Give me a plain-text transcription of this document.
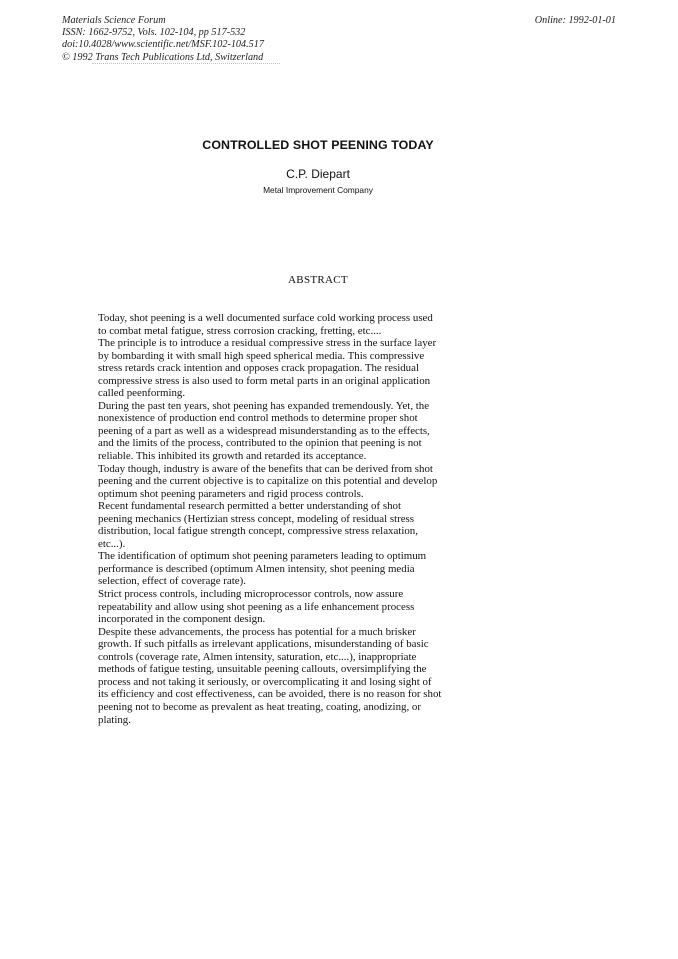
Materials Science Forum
ISSN: 1662-9752, Vols. 102-104, pp 517-532
doi:10.4028/www.scientific.net/MSF.102-104.517
© 1992 Trans Tech Publications Ltd, Switzerland
Online: 1992-01-01
CONTROLLED SHOT PEENING TODAY
C.P. Diepart
Metal Improvement Company
ABSTRACT
Today, shot peening is a well documented surface cold working process used
to combat metal fatigue, stress corrosion cracking, fretting, etc....
The principle is to introduce a residual compressive stress in the surface layer
by bombarding it with small high speed spherical media. This compressive
stress retards crack intention and opposes crack propagation. The residual
compressive stress is also used to form metal parts in an original application
called peenforming.
During the past ten years, shot peening has expanded tremendously. Yet, the
nonexistence of production end control methods to determine proper shot
peening of a part as well as a widespread misunderstanding as to the effects,
and the limits of the process, contributed to the opinion that peening is not
reliable. This inhibited its growth and retarded its acceptance.
Today though, industry is aware of the benefits that can be derived from shot
peening and the current objective is to capitalize on this potential and develop
optimum shot peening parameters and rigid process controls.
Recent fundamental research permitted a better understanding of shot
peening mechanics (Hertizian stress concept, modeling of residual stress
distribution, local fatigue strength concept, compressive stress relaxation,
etc...).
The identification of optimum shot peening parameters leading to optimum
performance is described (optimum Almen intensity, shot peening media
selection, effect of coverage rate).
Strict process controls, including microprocessor controls, now assure
repeatability and allow using shot peening as a life enhancement process
incorporated in the component design.
Despite these advancements, the process has potential for a much brisker
growth. If such pitfalls as irrelevant applications, misunderstanding of basic
controls (coverage rate, Almen intensity, saturation, etc....), inappropriate
methods of fatigue testing, unsuitable peening callouts, oversimplifying the
process and not taking it seriously, or overcomplicating it and losing sight of
its efficiency and cost effectiveness, can be avoided, there is no reason for shot
peening not to become as prevalent as heat treating, coating, anodizing, or
plating.
